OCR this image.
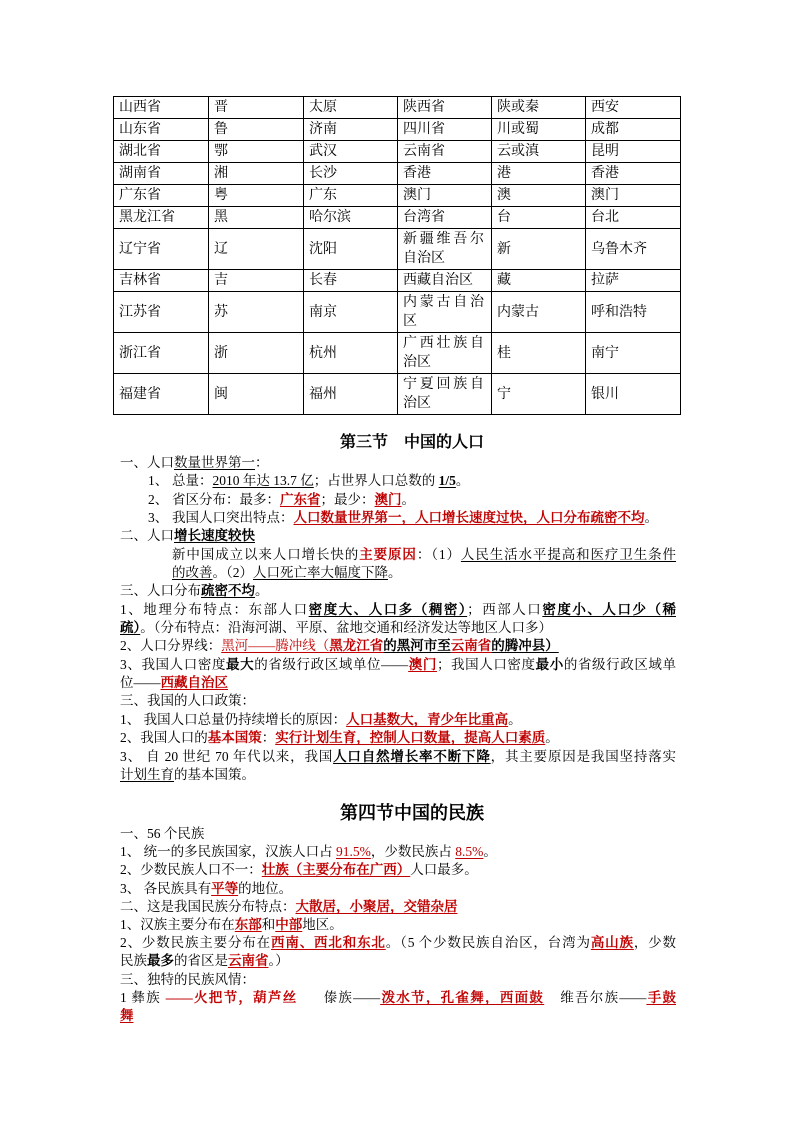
山西省	晋	太原	陕西省	陕或秦	西安
山东省	鲁	济南	四川省	川或蜀	成都
湖北省	鄂	武汉	云南省	云或滇	昆明
湖南省	湘	长沙	香港	港	香港
广东省	粤	广东	澳门	澳	澳门
黑龙江省	黑	哈尔滨	台湾省	台	台北
辽宁省	辽	沈阳	新疆维吾尔自治区	新	乌鲁木齐
吉林省	吉	长春	西藏自治区	藏	拉萨
江苏省	苏	南京	内蒙古自治区	内蒙古	呼和浩特
浙江省	浙	杭州	广西壮族自治区	桂	南宁
福建省	闽	福州	宁夏回族自治区	宁	银川
第三节　中国的人口
一、人口数量世界第一：
1、 总量：2010 年达 13.7 亿；占世界人口总数的 1/5。
2、 省区分布：最多：广东省；最少：澳门。
3、 我国人口突出特点：人口数量世界第一，人口增长速度过快，人口分布疏密不均。
二、人口增长速度较快
新中国成立以来人口增长快的主要原因：（1）人民生活水平提高和医疗卫生条件
的改善。（2）人口死亡率大幅度下降。
三、人口分布疏密不均。
1、地理分布特点：东部人口密度大、人口多（稠密）；西部人口密度小、人口少（稀
疏）。（分布特点：沿海河湖、平原、盆地交通和经济发达等地区人口多）
2、人口分界线：黑河——腾冲线（黑龙江省的黑河市至云南省的腾冲县）
3、我国人口密度最大的省级行政区域单位——澳门；我国人口密度最小的省级行政区域单
位——西藏自治区
三、我国的人口政策：
1、 我国人口总量仍持续增长的原因：人口基数大，青少年比重高。
2、我国人口的基本国策：实行计划生育，控制人口数量，提高人口素质。
3、 自 20 世纪 70 年代以来，我国人口自然增长率不断下降，其主要原因是我国坚持落实
计划生育的基本国策。
第四节中国的民族
一、56 个民族
1、 统一的多民族国家，汉族人口占 91.5%，少数民族占 8.5%。
2、少数民族人口不一：壮族（主要分布在广西）人口最多。
3、 各民族具有平等的地位。
二、这是我国民族分布特点：大散居，小聚居，交错杂居
1、汉族主要分布在东部和中部地区。
2、少数民族主要分布在西南、西北和东北。（5 个少数民族自治区，台湾为高山族，少数
民族最多的省区是云南省。）
三、独特的民族风情：
1 彝族 ——火把节，葫芦丝 傣族——泼水节，孔雀舞，西面鼓 维吾尔族——手鼓
舞
